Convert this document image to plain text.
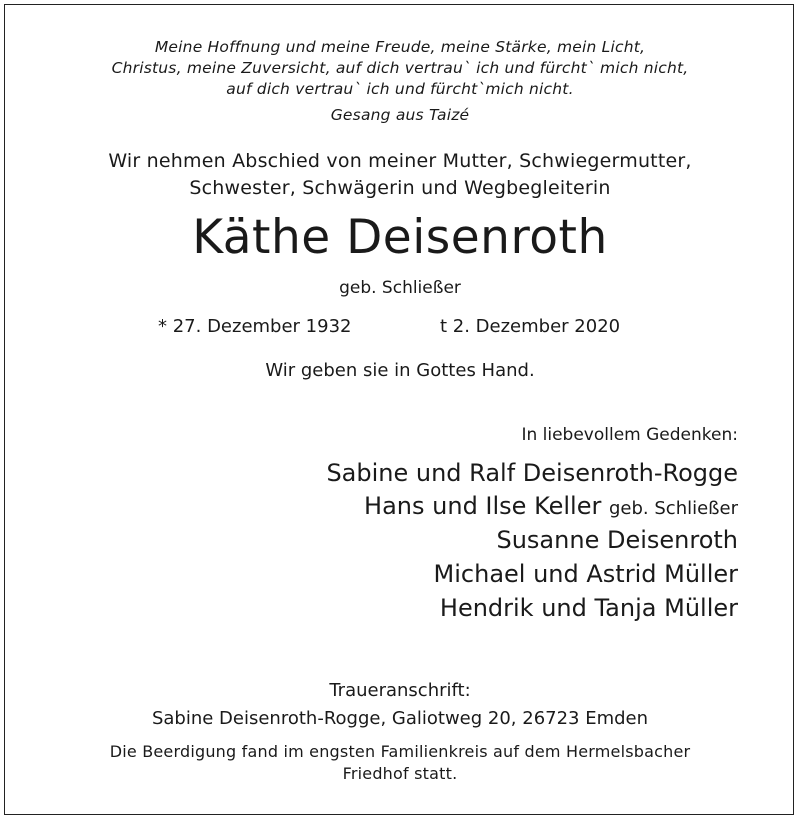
Meine Hoffnung und meine Freude, meine Stärke, mein Licht,
Christus, meine Zuversicht, auf dich vertrau` ich und fürcht` mich nicht,
auf dich vertrau` ich und fürcht`mich nicht.
Gesang aus Taizé
Wir nehmen Abschied von meiner Mutter, Schwiegermutter,
Schwester, Schwägerin und Wegbegleiterin
Käthe Deisenroth
geb. Schließer
* 27. Dezember 1932	t 2. Dezember 2020
Wir geben sie in Gottes Hand.
In liebevollem Gedenken:
Sabine und Ralf Deisenroth-Rogge
Hans und Ilse Keller geb. Schließer
Susanne Deisenroth
Michael und Astrid Müller
Hendrik und Tanja Müller
Traueranschrift:
Sabine Deisenroth-Rogge, Galiotweg 20, 26723 Emden
Die Beerdigung fand im engsten Familienkreis auf dem Hermelsbacher
Friedhof statt.
